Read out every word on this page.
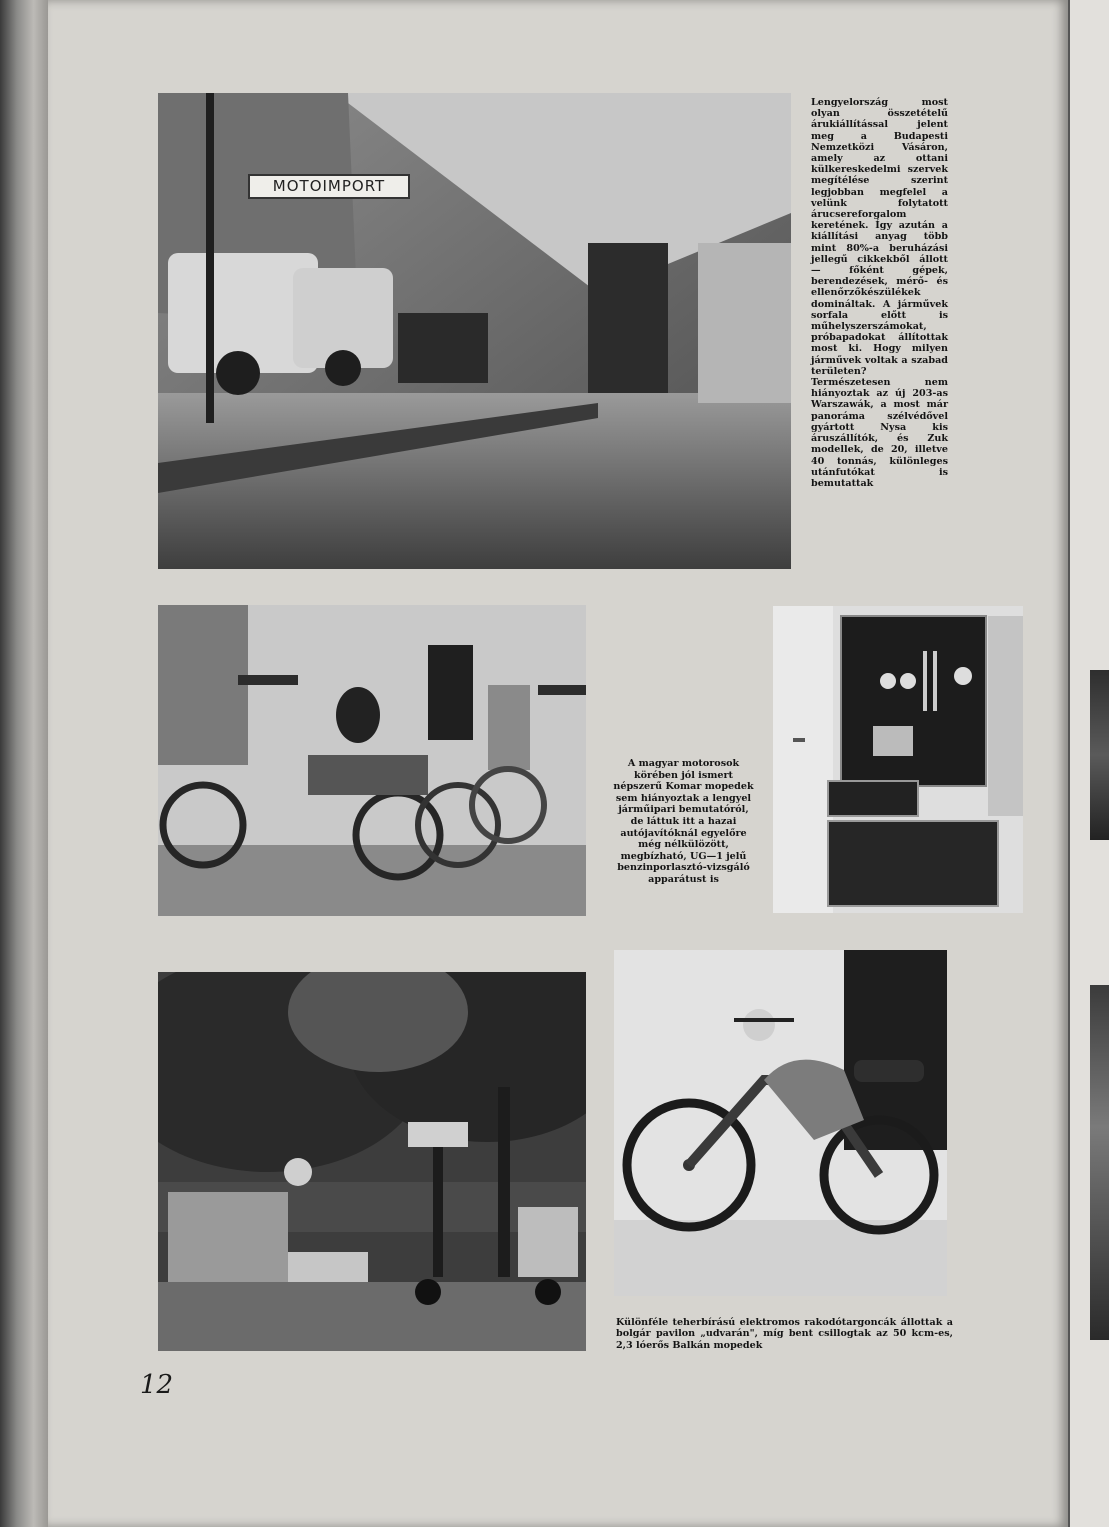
MOTOIMPORT
Lengyelország most olyan összetételű árukiállítással jelent meg a Budapesti Nemzetközi Vásáron, amely az ottani külkereskedelmi szervek megítélése szerint legjobban megfelel a velünk folytatott árucsereforgalom keretének. Így azután a kiállítási anyag több mint 80%-a beruházási jellegű cikkekből állott — főként gépek, berendezések, mérő- és ellenőrzőkészülékek domináltak. A járművek sorfala előtt is műhelyszerszámokat, próbapadokat állítottak most ki. Hogy milyen járművek voltak a szabad területen? Természetesen nem hiányoztak az új 203-as Warszawák, a most már panoráma szélvédővel gyártott Nysa kis áruszállítók, és Zuk modellek, de 20, illetve 40 tonnás, különleges utánfutókat is bemutattak
A magyar motorosok körében jól ismert népszerű Komar mopedek sem hiányoztak a lengyel járműipari bemutatóról, de láttuk itt a hazai autójavítóknál egyelőre még nélkülözött, megbízható, UG—1 jelű benzinporlasztó-vizsgáló apparátust is
Különféle teherbírású elektromos rakodótargoncák állottak a bolgár pavilon „udvarán", míg bent csillogtak az 50 kcm-es, 2,3 lóerős Balkán mopedek
12
